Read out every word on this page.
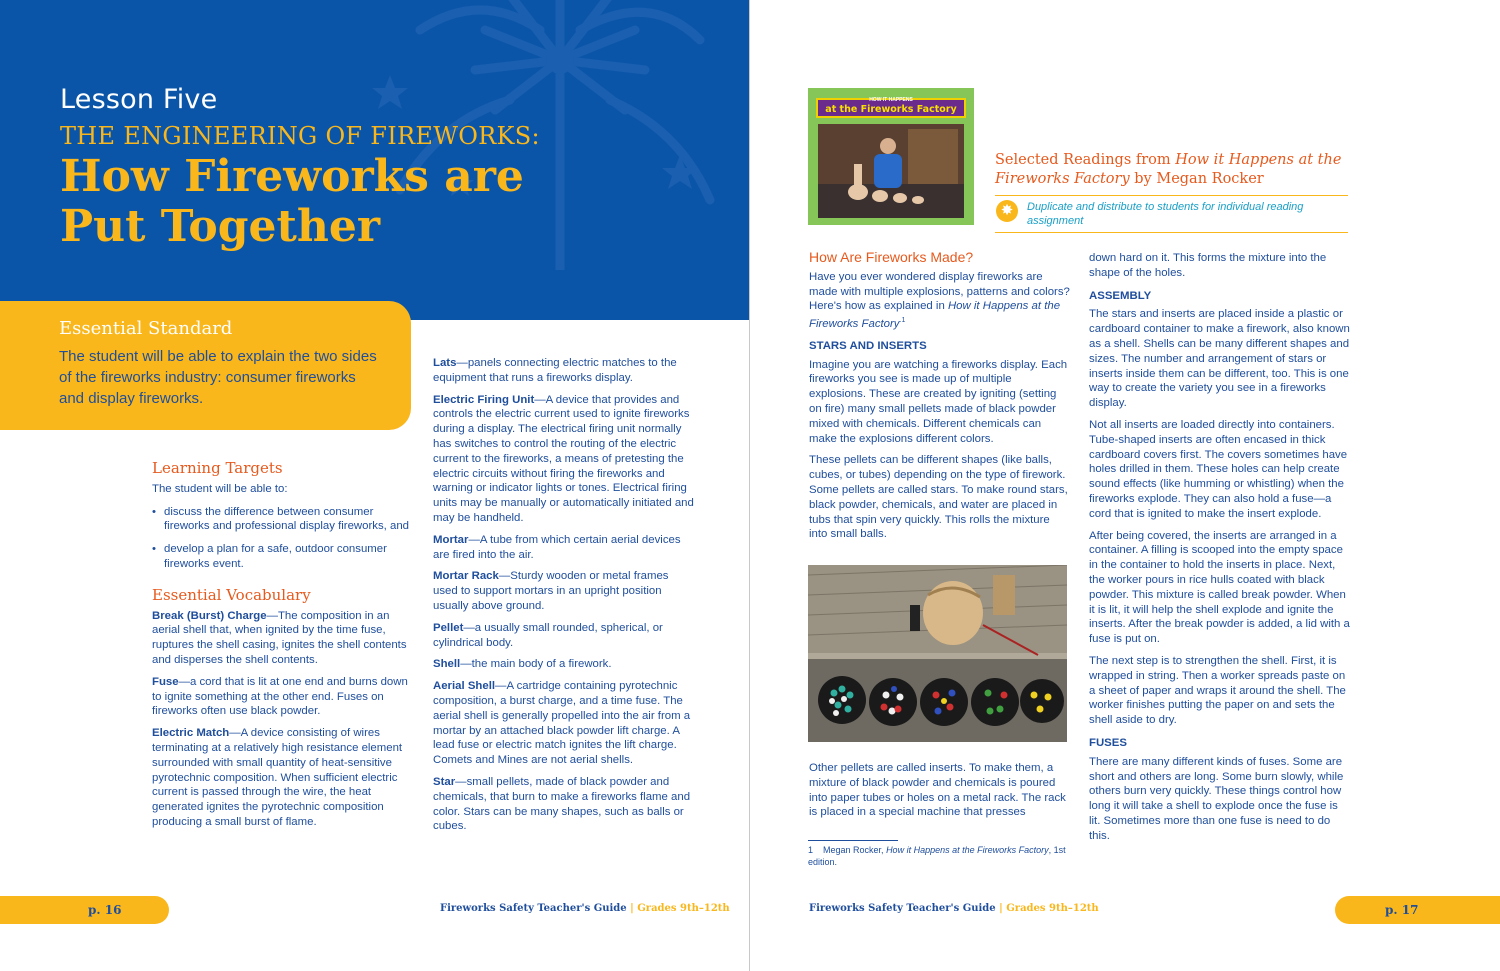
Lesson Five
THE ENGINEERING OF FIREWORKS:
How Fireworks are Put Together
Essential Standard
The student will be able to explain the two sides of the fireworks industry: consumer fireworks and display fireworks.
Learning Targets
The student will be able to:
• discuss the difference between consumer fireworks and professional display fireworks, and
• develop a plan for a safe, outdoor consumer fireworks event.
Essential Vocabulary

Break (Burst) Charge—The composition in an aerial shell that, when ignited by the time fuse, ruptures the shell casing, ignites the shell contents and disperses the shell contents.

Fuse—a cord that is lit at one end and burns down to ignite something at the other end. Fuses on fireworks often use black powder.

Electric Match—A device consisting of wires terminating at a relatively high resistance element surrounded with small quantity of heat-sensitive pyrotechnic composition. When sufficient electric current is passed through the wire, the heat generated ignites the pyrotechnic composition producing a small burst of flame.

Lats—panels connecting electric matches to the equipment that runs a fireworks display.

Electric Firing Unit—A device that provides and controls the electric current used to ignite fireworks during a display. The electrical firing unit normally has switches to control the routing of the electric current to the fireworks, a means of pretesting the electric circuits without firing the fireworks and warning or indicator lights or tones. Electrical firing units may be manually or automatically initiated and may be handheld.

Mortar—A tube from which certain aerial devices are fired into the air.

Mortar Rack—Sturdy wooden or metal frames used to support mortars in an upright position usually above ground.

Pellet—a usually small rounded, spherical, or cylindrical body.

Shell—the main body of a firework.

Aerial Shell—A cartridge containing pyrotechnic composition, a burst charge, and a time fuse. The aerial shell is generally propelled into the air from a mortar by an attached black powder lift charge. A lead fuse or electric match ignites the lift charge. Comets and Mines are not aerial shells.

Star—small pellets, made of black powder and chemicals, that burn to make a fireworks flame and color. Stars can be many shapes, such as balls or cubes.

p. 16	Fireworks Safety Teacher's Guide | Grades 9th–12th
HOW IT HAPPENS
at the Fireworks Factory
Selected Readings from How it Happens at the Fireworks Factory by Megan Rocker
✸	Duplicate and distribute to students for individual reading assignment
How Are Fireworks Made?

Have you ever wondered display fireworks are made with multiple explosions, patterns and colors? Here's how as explained in How it Happens at the Fireworks Factory$^{.1}$

STARS AND INSERTS

Imagine you are watching a fireworks display. Each fireworks you see is made up of multiple explosions. These are created by igniting (setting on fire) many small pellets made of black powder mixed with chemicals. Different chemicals can make the explosions different colors.

These pellets can be different shapes (like balls, cubes, or tubes) depending on the type of firework. Some pellets are called stars. To make round stars, black powder, chemicals, and water are placed in tubs that spin very quickly. This rolls the mixture into small balls.

Other pellets are called inserts. To make them, a mixture of black powder and chemicals is poured into paper tubes or holes on a metal rack. The rack is placed in a special machine that presses

1 Megan Rocker, How it Happens at the Fireworks Factory, 1st edition.

down hard on it. This forms the mixture into the shape of the holes.

ASSEMBLY

The stars and inserts are placed inside a plastic or cardboard container to make a firework, also known as a shell. Shells can be many different shapes and sizes. The number and arrangement of stars or inserts inside them can be different, too. This is one way to create the variety you see in a fireworks display.

Not all inserts are loaded directly into containers. Tube-shaped inserts are often encased in thick cardboard covers first. The covers sometimes have holes drilled in them. These holes can help create sound effects (like humming or whistling) when the fireworks explode. They can also hold a fuse—a cord that is ignited to make the insert explode.

After being covered, the inserts are arranged in a container. A filling is scooped into the empty space in the container to hold the inserts in place. Next, the worker pours in rice hulls coated with black powder. This mixture is called break powder. When it is lit, it will help the shell explode and ignite the inserts. After the break powder is added, a lid with a fuse is put on.

The next step is to strengthen the shell. First, it is wrapped in string. Then a worker spreads paste on a sheet of paper and wraps it around the shell. The worker finishes putting the paper on and sets the shell aside to dry.

FUSES

There are many different kinds of fuses. Some are short and others are long. Some burn slowly, while others burn very quickly. These things control how long it will take a shell to explode once the fuse is lit. Sometimes more than one fuse is need to do this.

Fireworks Safety Teacher's Guide | Grades 9th–12th	p. 17
